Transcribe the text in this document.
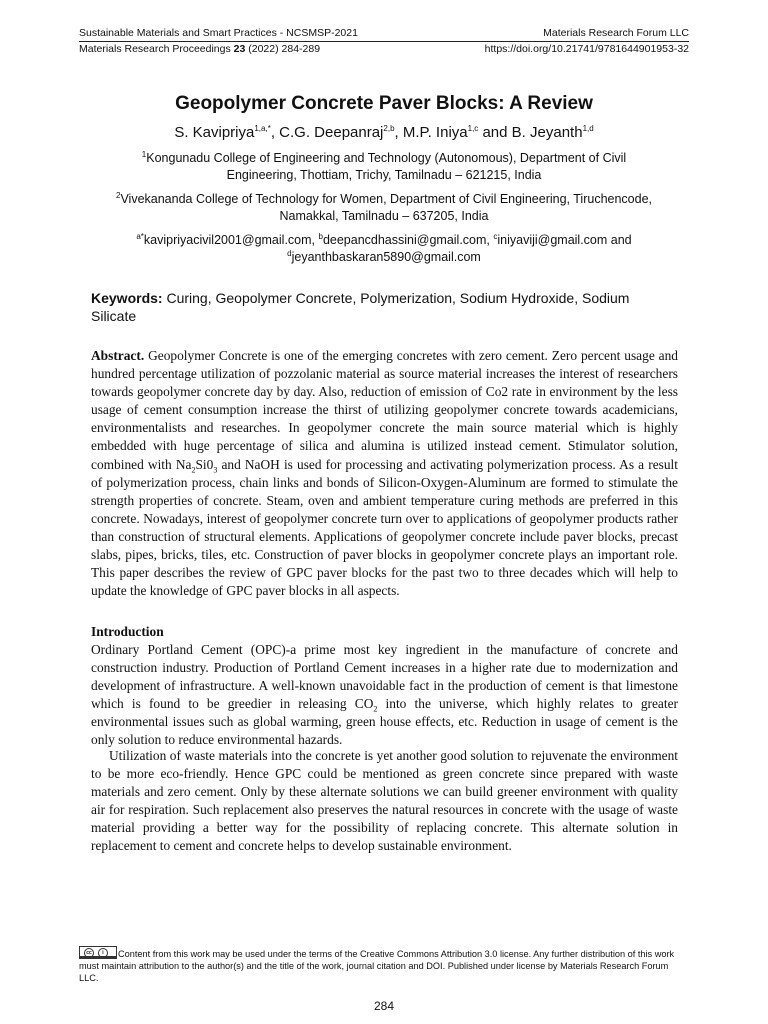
Sustainable Materials and Smart Practices - NCSMSP-2021	Materials Research Forum LLC
Materials Research Proceedings 23 (2022) 284-289	https://doi.org/10.21741/9781644901953-32
Geopolymer Concrete Paver Blocks: A Review
S. Kavipriya$^{1,a,*}$, C.G. Deepanraj$^{2,b}$, M.P. Iniya$^{1,c}$ and B. Jeyanth$^{1,d}$
$^1$Kongunadu College of Engineering and Technology (Autonomous), Department of Civil Engineering, Thottiam, Trichy, Tamilnadu – 621215, India
$^2$Vivekananda College of Technology for Women, Department of Civil Engineering, Tiruchencode, Namakkal, Tamilnadu – 637205, India
$^{a*}$kavipriyacivil2001@gmail.com, $^b$deepancdhassini@gmail.com, $^c$iniyaviji@gmail.com and $^d$jeyanthbaskaran5890@gmail.com
Keywords: Curing, Geopolymer Concrete, Polymerization, Sodium Hydroxide, Sodium Silicate
Abstract. Geopolymer Concrete is one of the emerging concretes with zero cement. Zero percent usage and hundred percentage utilization of pozzolanic material as source material increases the interest of researchers towards geopolymer concrete day by day. Also, reduction of emission of Co2 rate in environment by the less usage of cement consumption increase the thirst of utilizing geopolymer concrete towards academicians, environmentalists and researches. In geopolymer concrete the main source material which is highly embedded with huge percentage of silica and alumina is utilized instead cement. Stimulator solution, combined with $Na_2Si0_3$ and NaOH is used for processing and activating polymerization process. As a result of polymerization process, chain links and bonds of Silicon-Oxygen-Aluminum are formed to stimulate the strength properties of concrete. Steam, oven and ambient temperature curing methods are preferred in this concrete. Nowadays, interest of geopolymer concrete turn over to applications of geopolymer products rather than construction of structural elements. Applications of geopolymer concrete include paver blocks, precast slabs, pipes, bricks, tiles, etc. Construction of paver blocks in geopolymer concrete plays an important role. This paper describes the review of GPC paver blocks for the past two to three decades which will help to update the knowledge of GPC paver blocks in all aspects.
Introduction
Ordinary Portland Cement (OPC)-a prime most key ingredient in the manufacture of concrete and construction industry. Production of Portland Cement increases in a higher rate due to modernization and development of infrastructure. A well-known unavoidable fact in the production of cement is that limestone which is found to be greedier in releasing $CO_2$ into the universe, which highly relates to greater environmental issues such as global warming, green house effects, etc. Reduction in usage of cement is the only solution to reduce environmental hazards.
Utilization of waste materials into the concrete is yet another good solution to rejuvenate the environment to be more eco-friendly. Hence GPC could be mentioned as green concrete since prepared with waste materials and zero cement. Only by these alternate solutions we can build greener environment with quality air for respiration. Such replacement also preserves the natural resources in concrete with the usage of waste material providing a better way for the possibility of replacing concrete. This alternate solution in replacement to cement and concrete helps to develop sustainable environment.
cc	i	Content from this work may be used under the terms of the Creative Commons Attribution 3.0 license. Any further distribution of this work must maintain attribution to the author(s) and the title of the work, journal citation and DOI. Published under license by Materials Research Forum LLC.
284
